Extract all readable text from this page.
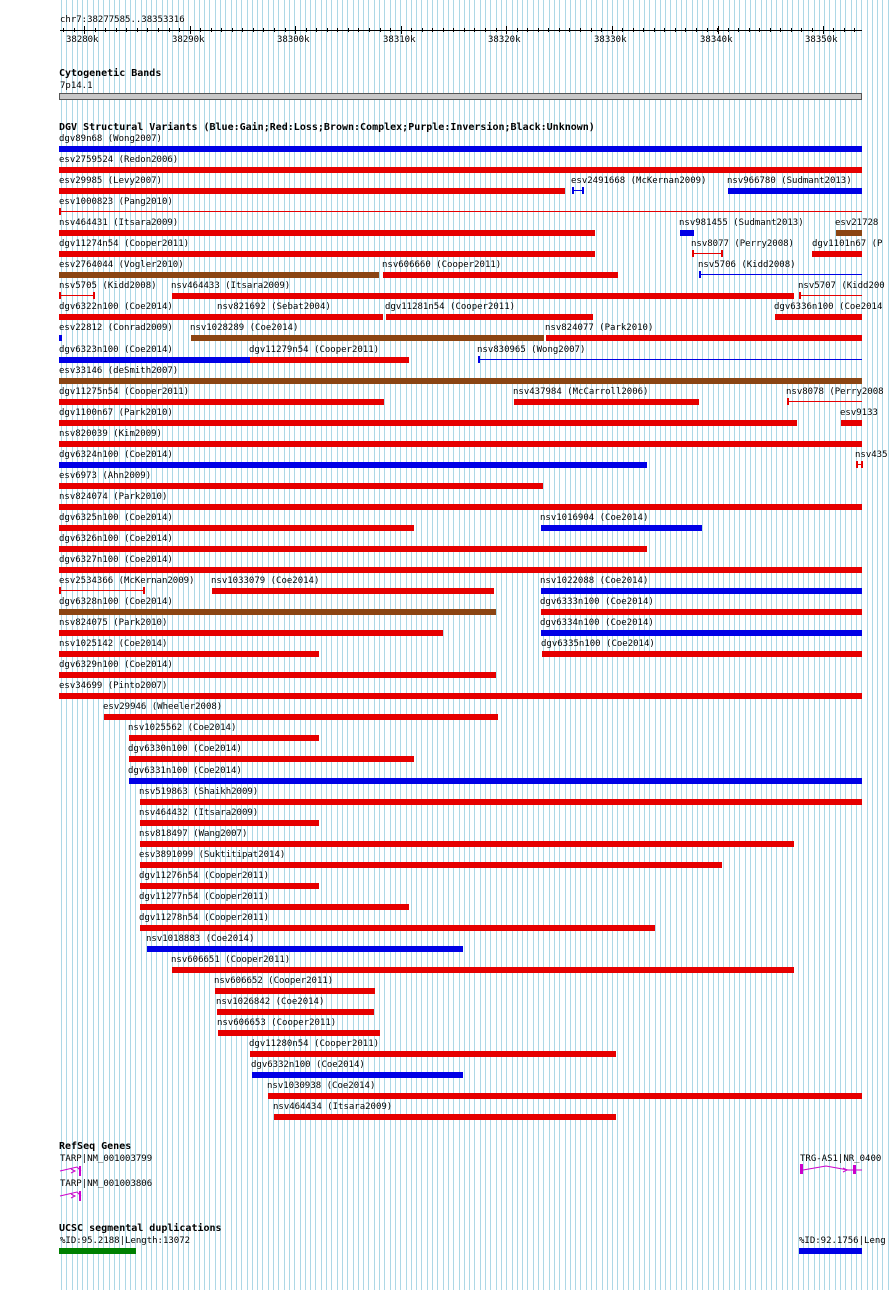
chr7:38277585..38353316
38280k	38290k	38300k	38310k	38320k	38330k	38340k	38350k
Cytogenetic Bands
7p14.1
DGV Structural Variants (Blue:Gain;Red:Loss;Brown:Complex;Purple:Inversion;Black:Unknown)
dgv89n68 (Wong2007)
esv2759524 (Redon2006)
esv29985 (Levy2007)	esv2491668 (McKernan2009) nsv966780 (Sudmant2013)
esv1000823 (Pang2010)
nsv464431 (Itsara2009)	nsv981455 (Sudmant2013)	esv21728
dgv11274n54 (Cooper2011)	nsv8077 (Perry2008) dgv1101n67 (P
esv2764044 (Vogler2010)	nsv606660 (Cooper2011)	nsv5706 (Kidd2008)
nsv5705 (Kidd2008) nsv464433 (Itsara2009)	nsv5707 (Kidd200
dgv6322n100 (Coe2014)	nsv821692 (Sebat2004)	dgv11281n54 (Cooper2011)	dgv6336n100 (Coe2014
esv22812 (Conrad2009) nsv1028289 (Coe2014)	nsv824077 (Park2010)
dgv6323n100 (Coe2014)	dgv11279n54 (Cooper2011)	nsv830965 (Wong2007)
esv33146 (deSmith2007)
dgv11275n54 (Cooper2011)	nsv437984 (McCarroll2006)	nsv8078 (Perry2008
dgv1100n67 (Park2010)	esv9133
nsv820039 (Kim2009)
dgv6324n100 (Coe2014)	nsv435
esv6973 (Ahn2009)
nsv824074 (Park2010)
dgv6325n100 (Coe2014)	nsv1016904 (Coe2014)
dgv6326n100 (Coe2014)
dgv6327n100 (Coe2014)
esv2534366 (McKernan2009) nsv1033079 (Coe2014)	nsv1022088 (Coe2014)
dgv6328n100 (Coe2014)	dgv6333n100 (Coe2014)
nsv824075 (Park2010)	dgv6334n100 (Coe2014)
nsv1025142 (Coe2014)	dgv6335n100 (Coe2014)
dgv6329n100 (Coe2014)
esv34699 (Pinto2007)
esv29946 (Wheeler2008)
nsv1025562 (Coe2014)
dgv6330n100 (Coe2014)
dgv6331n100 (Coe2014)
nsv519863 (Shaikh2009)
nsv464432 (Itsara2009)
nsv818497 (Wang2007)
esv3891099 (Suktitipat2014)
dgv11276n54 (Cooper2011)
dgv11277n54 (Cooper2011)
dgv11278n54 (Cooper2011)
nsv1018883 (Coe2014)
nsv606651 (Cooper2011)
nsv606652 (Cooper2011)
nsv1026842 (Coe2014)
nsv606653 (Cooper2011)
dgv11280n54 (Cooper2011)
dgv6332n100 (Coe2014)
nsv1030938 (Coe2014)
nsv464434 (Itsara2009)
RefSeq Genes
TARP|NM_001003799
TARP|NM_001003806
TRG-AS1|NR_0400
UCSC segmental duplications
%ID:95.2188|Length:13072	%ID:92.1756|Leng
